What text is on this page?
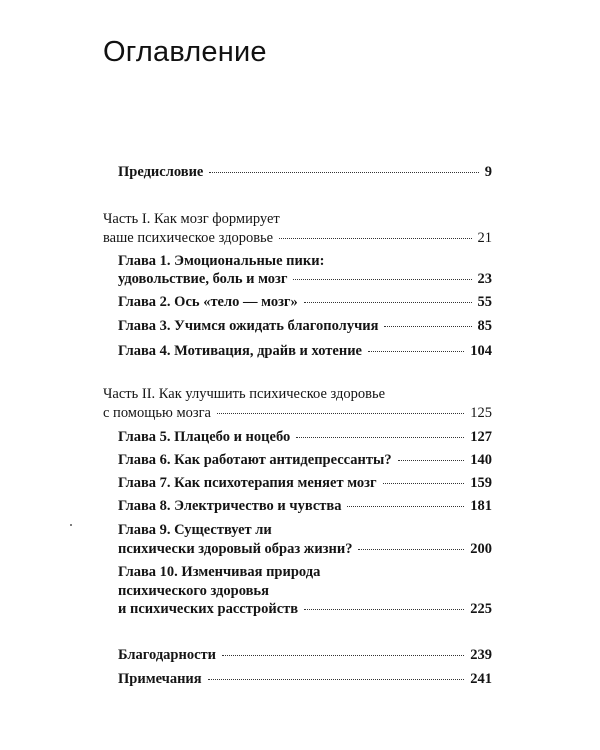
Оглавление
Предисловие	9
Часть I. Как мозг формирует
ваше психическое здоровье	21
Глава 1. Эмоциональные пики:
удовольствие, боль и мозг	23
Глава 2. Ось «тело — мозг»	55
Глава 3. Учимся ожидать благополучия	85
Глава 4. Мотивация, драйв и хотение	104
Часть II. Как улучшить психическое здоровье
с помощью мозга	125
Глава 5. Плацебо и ноцебо	127
Глава 6. Как работают антидепрессанты?	140
Глава 7. Как психотерапия меняет мозг	159
Глава 8. Электричество и чувства	181
Глава 9. Существует ли
психически здоровый образ жизни?	200
Глава 10. Изменчивая природа
психического здоровья
и психических расстройств	225
Благодарности	239
Примечания	241
